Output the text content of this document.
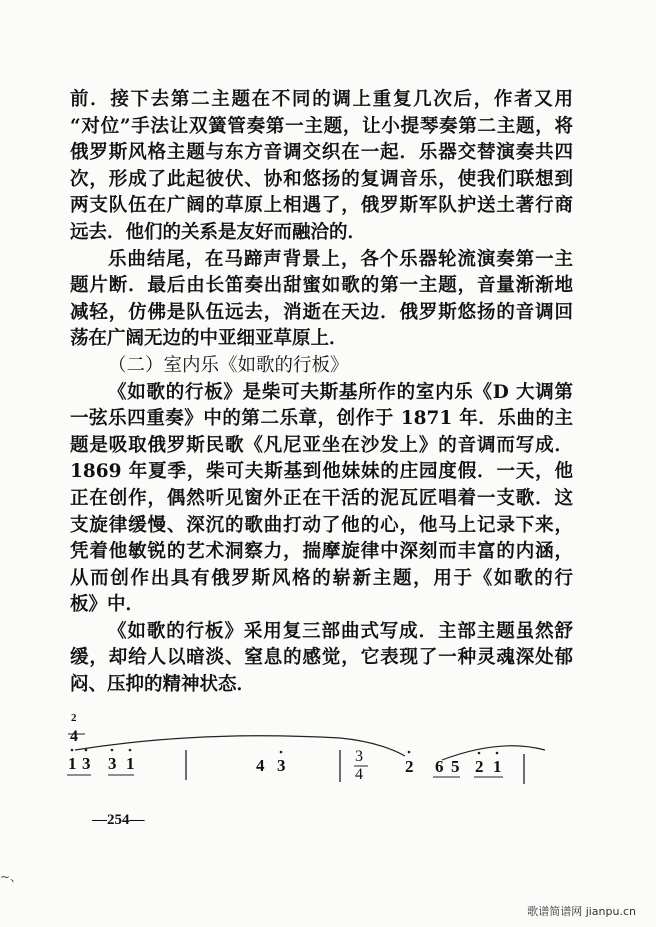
前．接下去第二主题在不同的调上重复几次后，作者又用
“对位”手法让双簧管奏第一主题，让小提琴奏第二主题，将
俄罗斯风格主题与东方音调交织在一起．乐器交替演奏共四
次，形成了此起彼伏、协和悠扬的复调音乐，使我们联想到
两支队伍在广阔的草原上相遇了，俄罗斯军队护送土著行商
远去．他们的关系是友好而融洽的．
乐曲结尾，在马蹄声背景上，各个乐器轮流演奏第一主
题片断．最后由长笛奏出甜蜜如歌的第一主题，音量渐渐地
减轻，仿佛是队伍远去，消逝在天边．俄罗斯悠扬的音调回
荡在广阔无边的中亚细亚草原上．
（二）室内乐《如歌的行板》
《如歌的行板》是柴可夫斯基所作的室内乐《D 大调第
一弦乐四重奏》中的第二乐章，创作于 1871 年．乐曲的主
题是吸取俄罗斯民歌《凡尼亚坐在沙发上》的音调而写成．
1869 年夏季，柴可夫斯基到他妹妹的庄园度假．一天，他
正在创作，偶然听见窗外正在干活的泥瓦匠唱着一支歌．这
支旋律缓慢、深沉的歌曲打动了他的心，他马上记录下来，
凭着他敏锐的艺术洞察力，揣摩旋律中深刻而丰富的内涵，
从而创作出具有俄罗斯风格的崭新主题，用于《如歌的行
板》中．
《如歌的行板》采用复三部曲式写成．主部主题虽然舒
缓，却给人以暗淡、窒息的感觉，它表现了一种灵魂深处郁
闷、压抑的精神状态．
2
4
3
4
1 3 3 1	4 3	2 6 5 2 1
—254—
~、
歌谱简谱网 jianpu.cn
